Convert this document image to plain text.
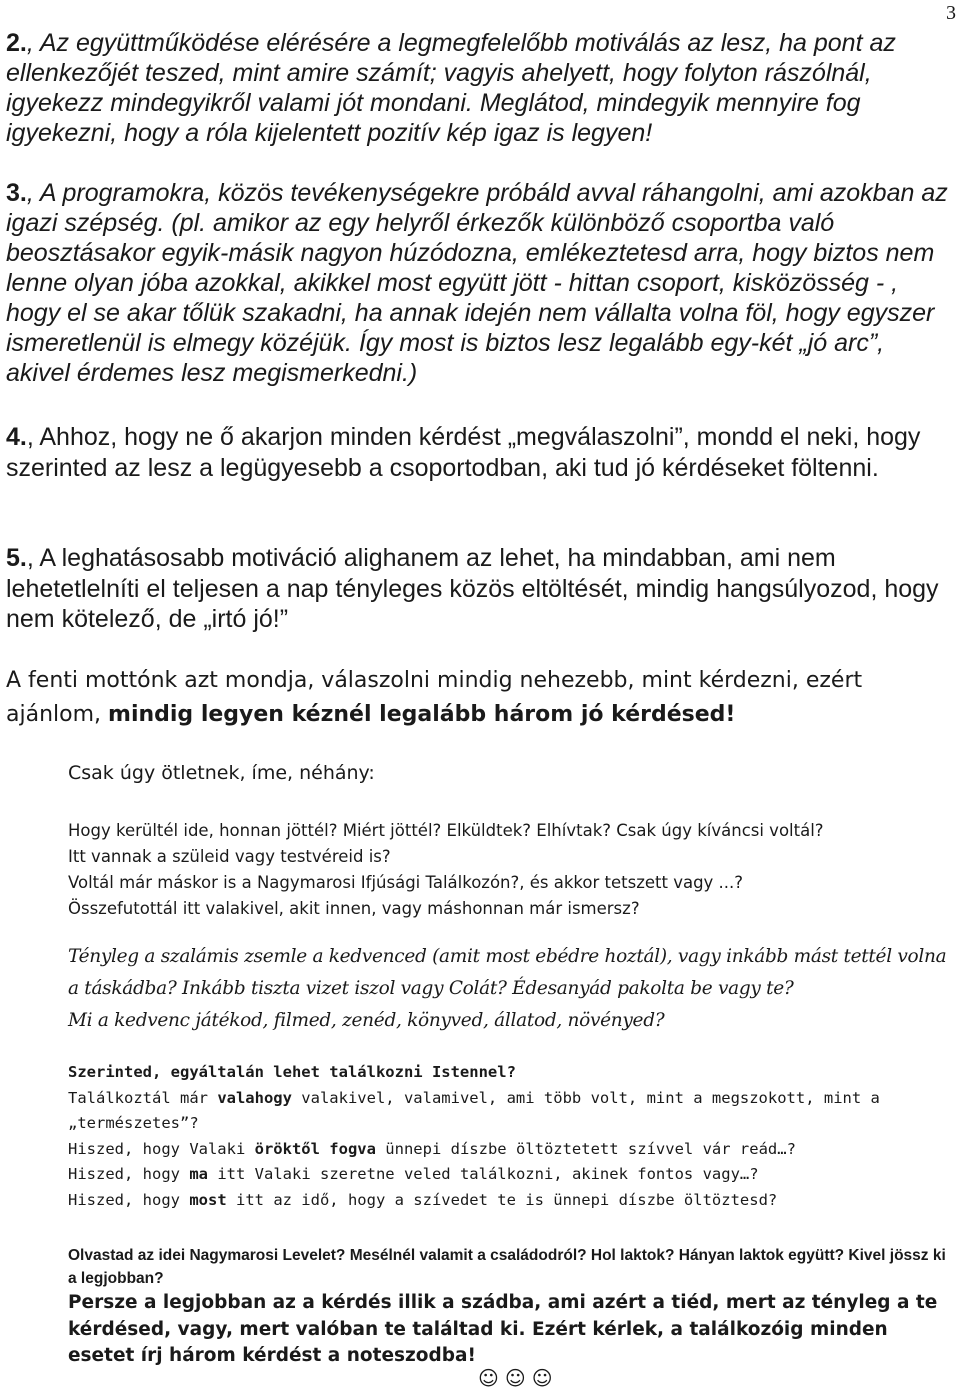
3

2., Az együttműködése elérésére a legmegfelelőbb motiválás az lesz, ha pont az ellenkezőjét teszed, mint amire számít; vagyis ahelyett, hogy folyton rászólnál, igyekezz mindegyikről valami jót mondani. Meglátod, mindegyik mennyire fog igyekezni, hogy a róla kijelentett pozitív kép igaz is legyen!

3., A programokra, közös tevékenységekre próbáld avval ráhangolni, ami azokban az igazi szépség. (pl. amikor az egy helyről érkezők különböző csoportba való beosztásakor egyik-másik nagyon húzódozna, emlékeztetesd arra, hogy biztos nem lenne olyan jóba azokkal, akikkel most együtt jött - hittan csoport, kisközösség - , hogy el se akar tőlük szakadni, ha annak idején nem vállalta volna föl, hogy egyszer ismeretlenül is elmegy közéjük. Így most is biztos lesz legalább egy-két „jó arc”, akivel érdemes lesz megismerkedni.)

4., Ahhoz, hogy ne ő akarjon minden kérdést „megválaszolni”, mondd el neki, hogy szerinted az lesz a legügyesebb a csoportodban, aki tud jó kérdéseket föltenni.

5., A leghatásosabb motiváció alighanem az lehet, ha mindabban, ami nem lehetetlelníti el teljesen a nap tényleges közös eltöltését, mindig hangsúlyozod, hogy nem kötelező, de „irtó jó!”

A fenti mottónk azt mondja, válaszolni mindig nehezebb, mint kérdezni, ezért ajánlom, mindig legyen kéznél legalább három jó kérdésed!

Csak úgy ötletnek, íme, néhány:

Hogy kerültél ide, honnan jöttél? Miért jöttél? Elküldtek? Elhívtak? Csak úgy kíváncsi voltál?
Itt vannak a szüleid vagy testvéreid is?
Voltál már máskor is a Nagymarosi Ifjúsági Találkozón?, és akkor tetszett vagy ...?
Összefutottál itt valakivel, akit innen, vagy máshonnan már ismersz?
Tényleg a szalámis zsemle a kedvenced (amit most ebédre hoztál), vagy inkább mást tettél volna a táskádba? Inkább tiszta vizet iszol vagy Colát? Édesanyád pakolta be vagy te?
Mi a kedvenc játékod, filmed, zenéd, könyved, állatod, növényed?
Szerinted, egyáltalán lehet találkozni Istennel?
Találkoztál már valahogy valakivel, valamivel, ami több volt, mint a megszokott, mint a „természetes”?
Hiszed, hogy Valaki öröktől fogva ünnepi díszbe öltöztetett szívvel vár reád…?
Hiszed, hogy ma itt Valaki szeretne veled találkozni, akinek fontos vagy…?
Hiszed, hogy most itt az idő, hogy a szívedet te is ünnepi díszbe öltöztesd?

Olvastad az idei Nagymarosi Levelet? Mesélnél valamit a családodról? Hol laktok? Hányan laktok együtt? Kivel jössz ki a legjobban?

Persze a legjobban az a kérdés illik a szádba, ami azért a tiéd, mert az tényleg a te kérdésed, vagy, mert valóban te találtad ki. Ezért kérlek, a találkozóig minden esetet írj három kérdést a noteszodba!

☺☺☺
